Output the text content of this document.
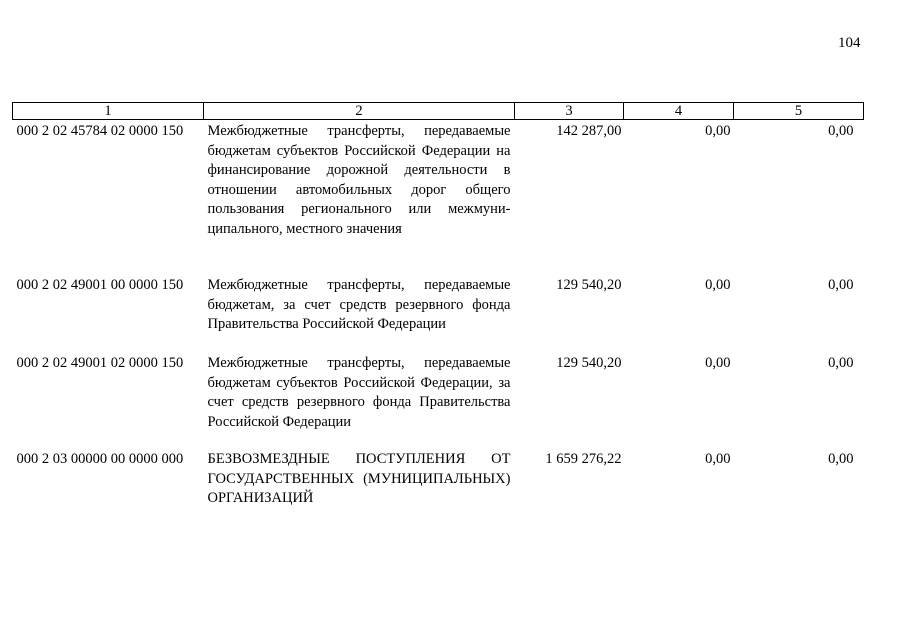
104
1	2	3	4	5
000 2 02 45784 02 0000 150	Межбюджетные трансферты, передаваемые бюджетам субъектов Российской Федерации на финансирование дорожной деятельности в отношении автомобильных дорог общего пользования регионального или межмуниципального, местного значения	142 287,00	0,00	0,00
000 2 02 49001 00 0000 150	Межбюджетные трансферты, передаваемые бюджетам, за счет средств резервного фонда Правительства Российской Федерации	129 540,20	0,00	0,00
000 2 02 49001 02 0000 150	Межбюджетные трансферты, передаваемые бюджетам субъектов Российской Федерации, за счет средств резервного фонда Правительства Российской Федерации	129 540,20	0,00	0,00
000 2 03 00000 00 0000 000	БЕЗВОЗМЕЗДНЫЕ ПОСТУПЛЕНИЯ ОТ ГОСУДАРСТВЕННЫХ (МУНИЦИПАЛЬНЫХ) ОРГАНИЗАЦИЙ	1 659 276,22	0,00	0,00
